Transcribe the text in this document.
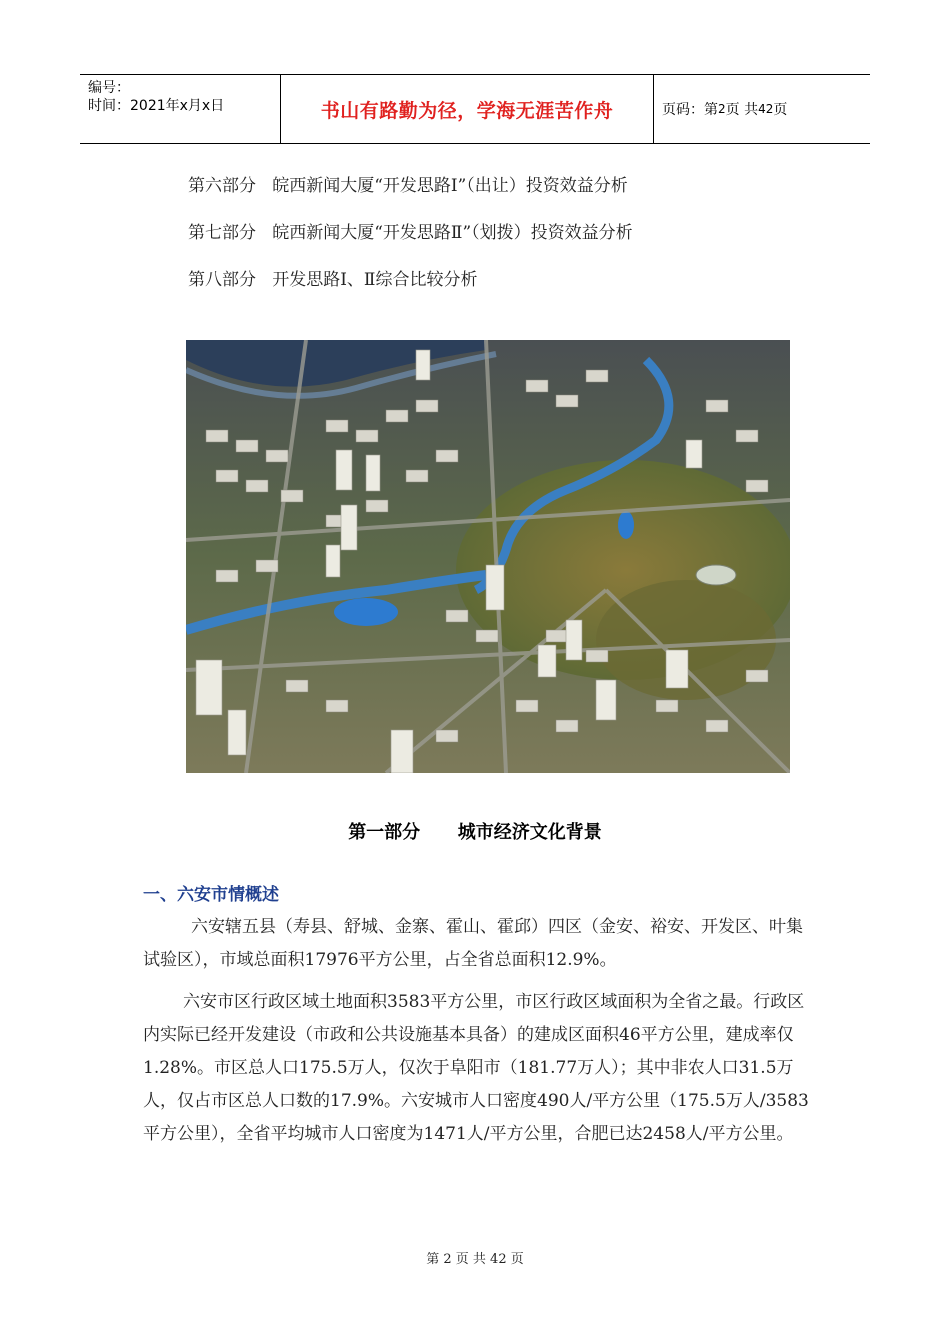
编号：
时间：2021年x月x日	书山有路勤为径，学海无涯苦作舟	页码：第 2 页 共 42 页
第六部分   皖西新闻大厦“开发思路Ⅰ”（出让）投资效益分析
第七部分   皖西新闻大厦“开发思路Ⅱ”（划拨）投资效益分析
第八部分   开发思路Ⅰ、Ⅱ综合比较分析
第一部分 城市经济文化背景
一、六安市情概述

六安辖五县（寿县、舒城、金寨、霍山、霍邱）四区（金安、裕安、开发区、叶集试验区），市域总面积17976平方公里，占全省总面积12.9%。

六安市区行政区域土地面积3583平方公里，市区行政区域面积为全省之最。行政区内实际已经开发建设（市政和公共设施基本具备）的建成区面积46平方公里，建成率仅1.28%。市区总人口175.5万人，仅次于阜阳市（181.77万人）；其中非农人口31.5万人，仅占市区总人口数的17.9%。六安城市人口密度490人/平方公里（175.5万人/3583平方公里），全省平均城市人口密度为1471人/平方公里，合肥已达2458人/平方公里。

第 2 页 共 42 页
